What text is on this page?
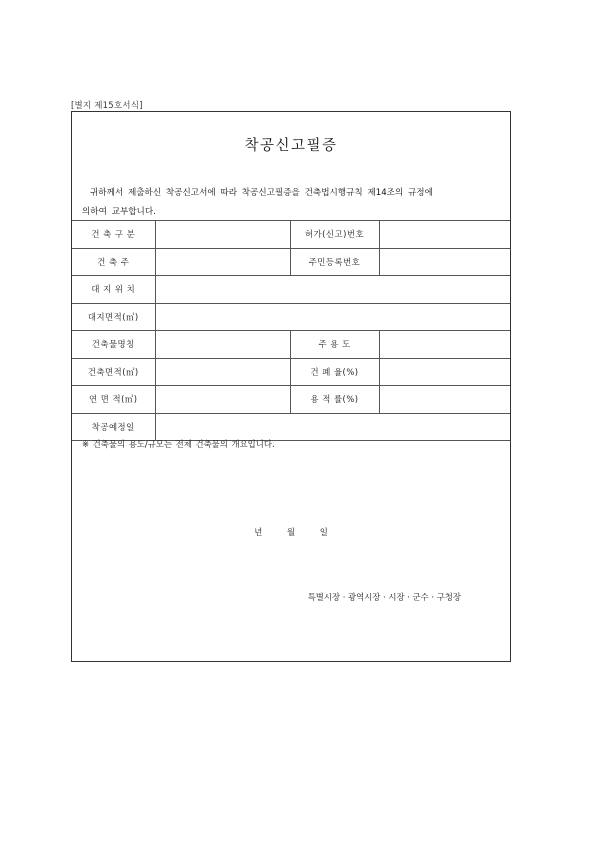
[별지 제15호서식]
착공신고필증
귀하께서 제출하신 착공신고서에 따라 착공신고필증을 건축법시행규칙 제14조의 규정에
의하여 교부합니다.
건 축 구 분		허가(신고)번호	
건 축 주		주민등록번호	
대 지 위 치			
대지면적(㎡)			
건축물명칭		주 용 도	
건축면적(㎡)		건 폐 율(%)	
연 면 적(㎡)		용 적 률(%)	
착공예정일			
※ 건축물의 용도/규모는 전체 건축물의 개요입니다.
년	월	일
특별시장 · 광역시장 · 시장 · 군수 · 구청장
